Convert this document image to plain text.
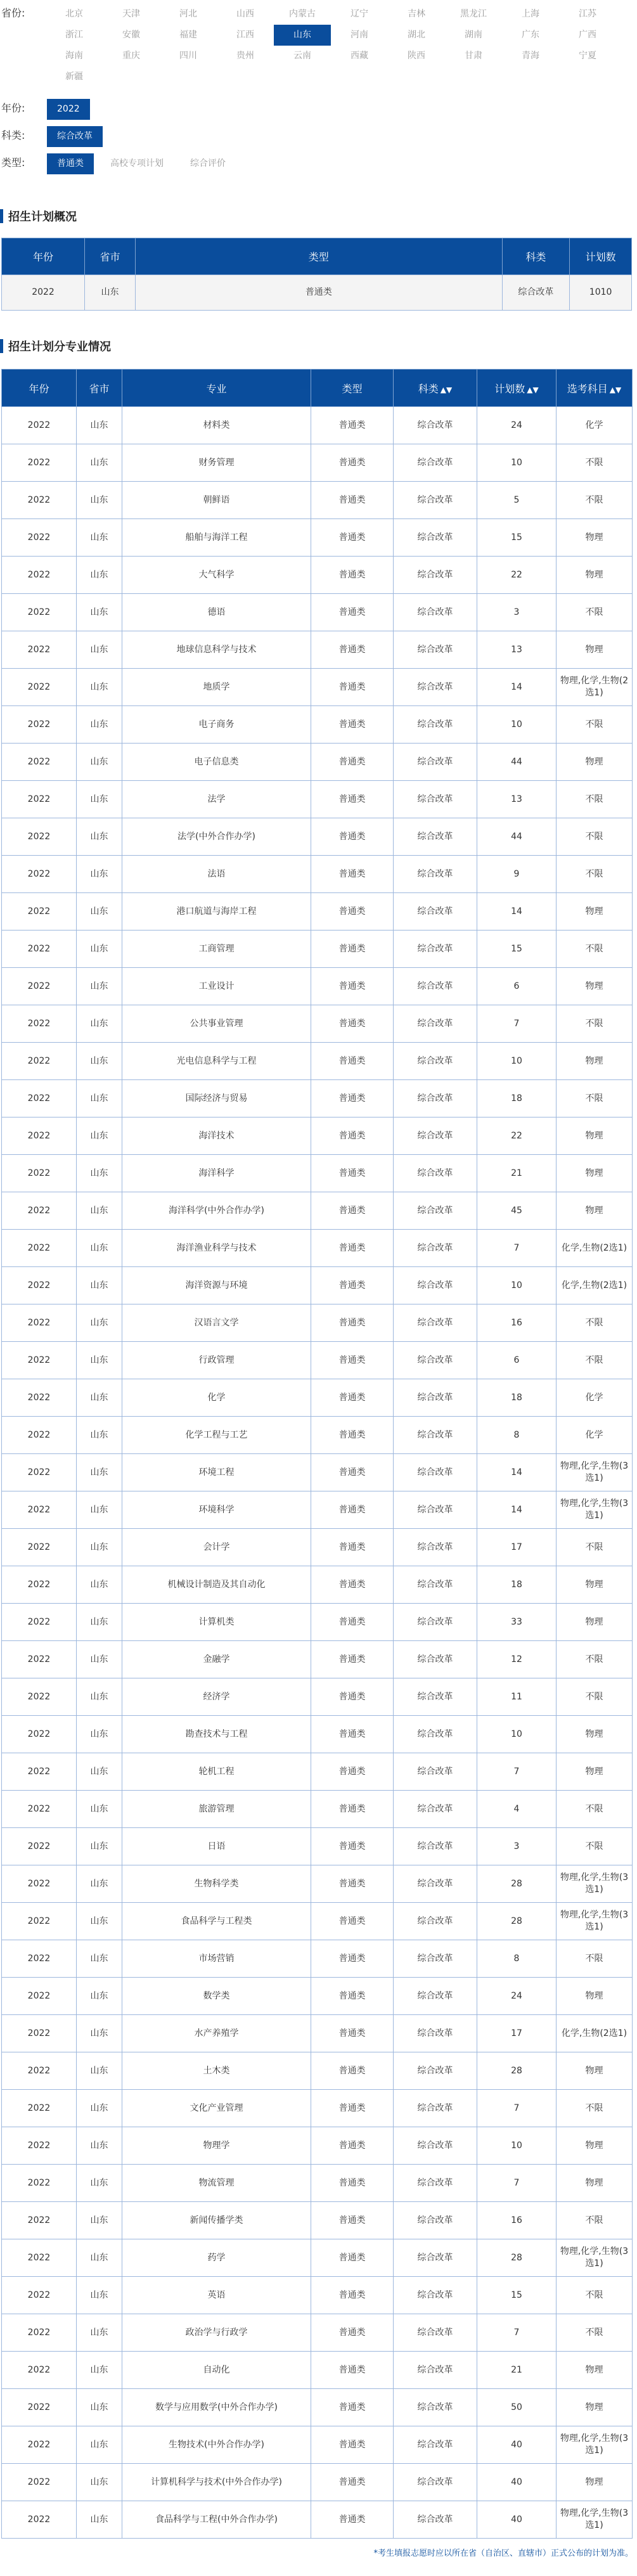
省份:	北京	天津	河北	山西	内蒙古	辽宁	吉林	黑龙江	上海	江苏
浙江	安徽	福建	江西	山东	河南	湖北	湖南	广东	广西
海南	重庆	四川	贵州	云南	西藏	陕西	甘肃	青海	宁夏
新疆
年份:	2022
科类:	综合改革
类型:	普通类	高校专项计划	综合评价
招生计划概况
年份	省市	类型	科类	计划数
2022	山东	普通类	综合改革	1010
招生计划分专业情况
年份	省市	专业	类型	科类 ▲▼	计划数 ▲▼	选考科目 ▲▼
2022	山东	材料类	普通类	综合改革	24	化学
2022	山东	财务管理	普通类	综合改革	10	不限
2022	山东	朝鲜语	普通类	综合改革	5	不限
2022	山东	船舶与海洋工程	普通类	综合改革	15	物理
2022	山东	大气科学	普通类	综合改革	22	物理
2022	山东	德语	普通类	综合改革	3	不限
2022	山东	地球信息科学与技术	普通类	综合改革	13	物理
2022	山东	地质学	普通类	综合改革	14	物理,化学,生物(2选1)
2022	山东	电子商务	普通类	综合改革	10	不限
2022	山东	电子信息类	普通类	综合改革	44	物理
2022	山东	法学	普通类	综合改革	13	不限
2022	山东	法学(中外合作办学)	普通类	综合改革	44	不限
2022	山东	法语	普通类	综合改革	9	不限
2022	山东	港口航道与海岸工程	普通类	综合改革	14	物理
2022	山东	工商管理	普通类	综合改革	15	不限
2022	山东	工业设计	普通类	综合改革	6	物理
2022	山东	公共事业管理	普通类	综合改革	7	不限
2022	山东	光电信息科学与工程	普通类	综合改革	10	物理
2022	山东	国际经济与贸易	普通类	综合改革	18	不限
2022	山东	海洋技术	普通类	综合改革	22	物理
2022	山东	海洋科学	普通类	综合改革	21	物理
2022	山东	海洋科学(中外合作办学)	普通类	综合改革	45	物理
2022	山东	海洋渔业科学与技术	普通类	综合改革	7	化学,生物(2选1)
2022	山东	海洋资源与环境	普通类	综合改革	10	化学,生物(2选1)
2022	山东	汉语言文学	普通类	综合改革	16	不限
2022	山东	行政管理	普通类	综合改革	6	不限
2022	山东	化学	普通类	综合改革	18	化学
2022	山东	化学工程与工艺	普通类	综合改革	8	化学
2022	山东	环境工程	普通类	综合改革	14	物理,化学,生物(3选1)
2022	山东	环境科学	普通类	综合改革	14	物理,化学,生物(3选1)
2022	山东	会计学	普通类	综合改革	17	不限
2022	山东	机械设计制造及其自动化	普通类	综合改革	18	物理
2022	山东	计算机类	普通类	综合改革	33	物理
2022	山东	金融学	普通类	综合改革	12	不限
2022	山东	经济学	普通类	综合改革	11	不限
2022	山东	勘查技术与工程	普通类	综合改革	10	物理
2022	山东	轮机工程	普通类	综合改革	7	物理
2022	山东	旅游管理	普通类	综合改革	4	不限
2022	山东	日语	普通类	综合改革	3	不限
2022	山东	生物科学类	普通类	综合改革	28	物理,化学,生物(3选1)
2022	山东	食品科学与工程类	普通类	综合改革	28	物理,化学,生物(3选1)
2022	山东	市场营销	普通类	综合改革	8	不限
2022	山东	数学类	普通类	综合改革	24	物理
2022	山东	水产养殖学	普通类	综合改革	17	化学,生物(2选1)
2022	山东	土木类	普通类	综合改革	28	物理
2022	山东	文化产业管理	普通类	综合改革	7	不限
2022	山东	物理学	普通类	综合改革	10	物理
2022	山东	物流管理	普通类	综合改革	7	物理
2022	山东	新闻传播学类	普通类	综合改革	16	不限
2022	山东	药学	普通类	综合改革	28	物理,化学,生物(3选1)
2022	山东	英语	普通类	综合改革	15	不限
2022	山东	政治学与行政学	普通类	综合改革	7	不限
2022	山东	自动化	普通类	综合改革	21	物理
2022	山东	数学与应用数学(中外合作办学)	普通类	综合改革	50	物理
2022	山东	生物技术(中外合作办学)	普通类	综合改革	40	物理,化学,生物(3选1)
2022	山东	计算机科学与技术(中外合作办学)	普通类	综合改革	40	物理
2022	山东	食品科学与工程(中外合作办学)	普通类	综合改革	40	物理,化学,生物(3选1)
*考生填报志愿时应以所在省（自治区、直辖市）正式公布的计划为准。
